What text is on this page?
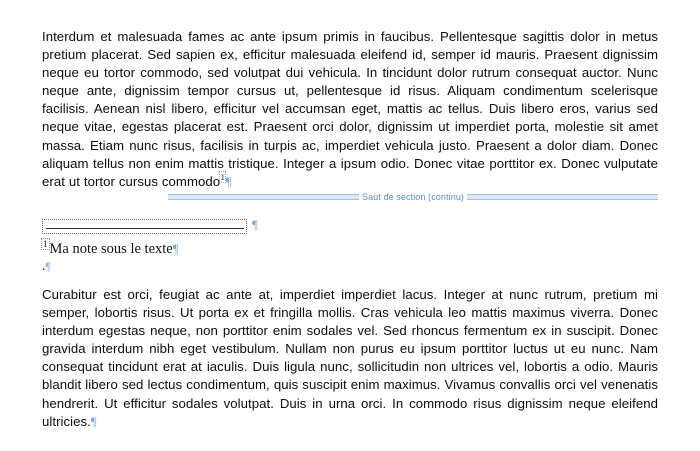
Interdum et malesuada fames ac ante ipsum primis in faucibus. Pellentesque sagittis dolor in metus pretium placerat. Sed sapien ex, efficitur malesuada eleifend id, semper id mauris. Praesent dignissim neque eu tortor commodo, sed volutpat dui vehicula. In tincidunt dolor rutrum consequat auctor. Nunc neque ante, dignissim tempor cursus ut, pellentesque id risus. Aliquam condimentum scelerisque facilisis. Aenean nisl libero, efficitur vel accumsan eget, mattis ac tellus. Duis libero eros, varius sed neque vitae, egestas placerat est. Praesent orci dolor, dignissim ut imperdiet porta, molestie sit amet massa. Etiam nunc risus, facilisis in turpis ac, imperdiet vehicula justo. Praesent a dolor diam. Donec aliquam tellus non enim mattis tristique. Integer a ipsum odio. Donec vitae porttitor ex. Donec vulputate erat ut tortor cursus commodo$^1$¶

Saut de section (continu)
¶
$^1$ Ma note sous le texte¶
.¶

Curabitur est orci, feugiat ac ante at, imperdiet imperdiet lacus. Integer at nunc rutrum, pretium mi semper, lobortis risus. Ut porta ex et fringilla mollis. Cras vehicula leo mattis maximus viverra. Donec interdum egestas neque, non porttitor enim sodales vel. Sed rhoncus fermentum ex in suscipit. Donec gravida interdum nibh eget vestibulum. Nullam non purus eu ipsum porttitor luctus ut eu nunc. Nam consequat tincidunt erat at iaculis. Duis ligula nunc, sollicitudin non ultrices vel, lobortis a odio. Mauris blandit libero sed lectus condimentum, quis suscipit enim maximus. Vivamus convallis orci vel venenatis hendrerit. Ut efficitur sodales volutpat. Duis in urna orci. In commodo risus dignissim neque eleifend ultricies.¶
